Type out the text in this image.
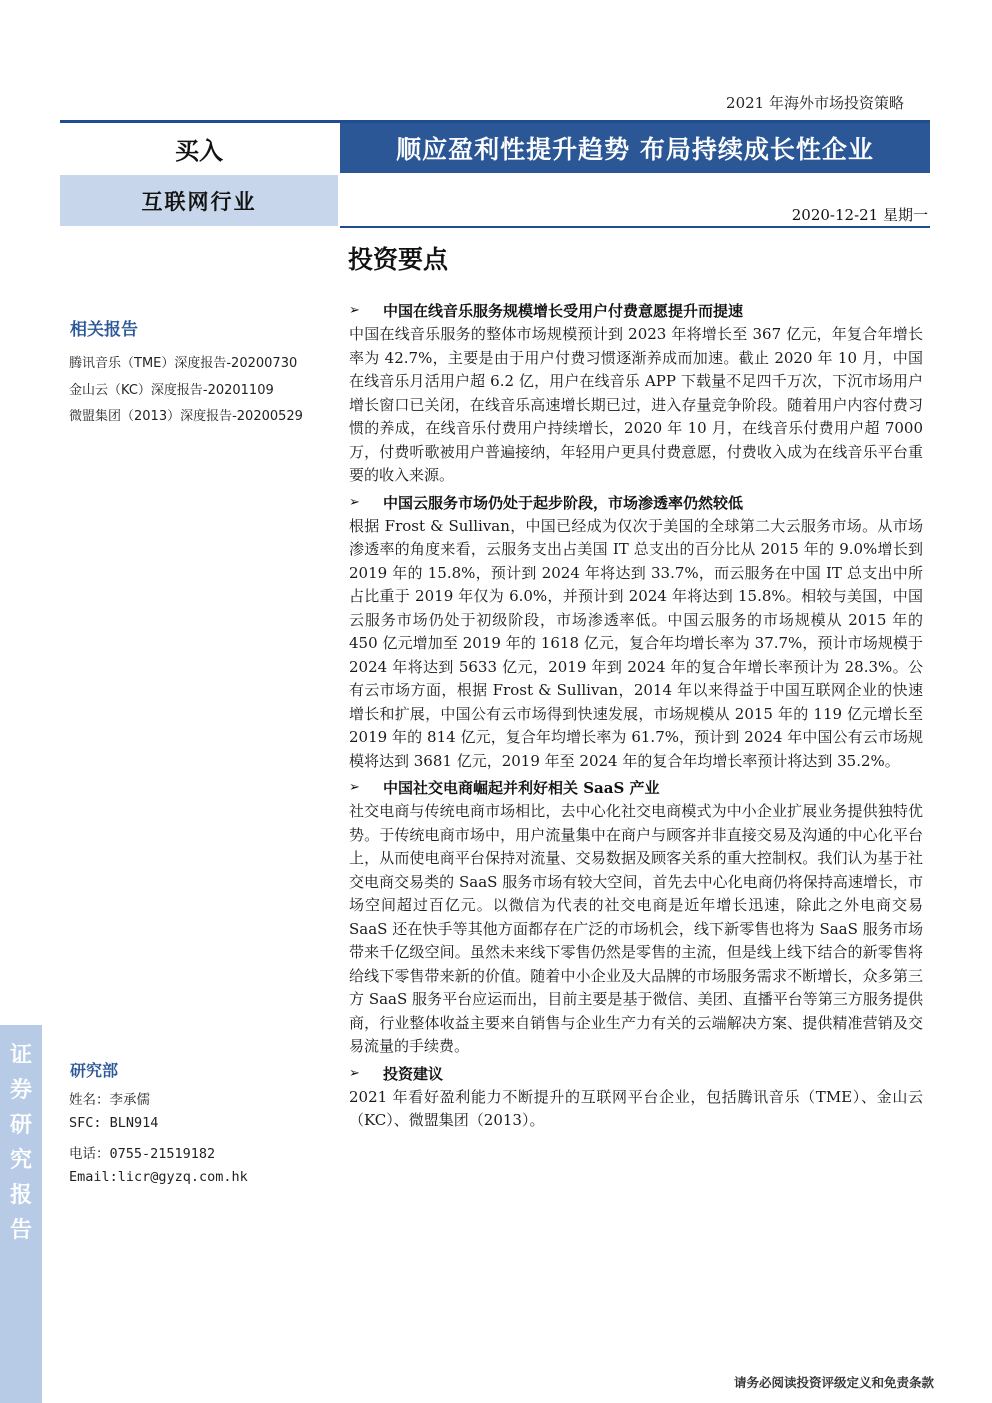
2021 年海外市场投资策略
买入	顺应盈利性提升趋势 布局持续成长性企业
互联网行业
2020-12-21 星期一
投资要点
相关报告
腾讯音乐（TME）深度报告-20200730
金山云（KC）深度报告-20201109
微盟集团（2013）深度报告-20200529
研究部
姓名：李承儒
SFC: BLN914
电话：0755-21519182
Email:licr@gyzq.com.hk
证
券
研
究
报
告
➢	中国在线音乐服务规模增长受用户付费意愿提升而提速

中国在线音乐服务的整体市场规模预计到 2023 年将增长至 367 亿元，年复合年增长率为 42.7%，主要是由于用户付费习惯逐渐养成而加速。截止 2020 年 10 月，中国在线音乐月活用户超 6.2 亿，用户在线音乐 APP 下载量不足四千万次，下沉市场用户增长窗口已关闭，在线音乐高速增长期已过，进入存量竞争阶段。随着用户内容付费习惯的养成，在线音乐付费用户持续增长，2020 年 10 月，在线音乐付费用户超 7000 万，付费听歌被用户普遍接纳，年轻用户更具付费意愿，付费收入成为在线音乐平台重要的收入来源。

➢	中国云服务市场仍处于起步阶段，市场渗透率仍然较低

根据 Frost & Sullivan，中国已经成为仅次于美国的全球第二大云服务市场。从市场渗透率的角度来看，云服务支出占美国 IT 总支出的百分比从 2015 年的 9.0%增长到 2019 年的 15.8%，预计到 2024 年将达到 33.7%，而云服务在中国 IT 总支出中所占比重于 2019 年仅为 6.0%，并预计到 2024 年将达到 15.8%。相较与美国，中国云服务市场仍处于初级阶段，市场渗透率低。中国云服务的市场规模从 2015 年的 450 亿元增加至 2019 年的 1618 亿元，复合年均增长率为 37.7%，预计市场规模于 2024 年将达到 5633 亿元，2019 年到 2024 年的复合年增长率预计为 28.3%。公有云市场方面，根据 Frost & Sullivan，2014 年以来得益于中国互联网企业的快速增长和扩展，中国公有云市场得到快速发展，市场规模从 2015 年的 119 亿元增长至 2019 年的 814 亿元，复合年均增长率为 61.7%，预计到 2024 年中国公有云市场规模将达到 3681 亿元，2019 年至 2024 年的复合年均增长率预计将达到 35.2%。

➢	中国社交电商崛起并利好相关 SaaS 产业

社交电商与传统电商市场相比，去中心化社交电商模式为中小企业扩展业务提供独特优势。于传统电商市场中，用户流量集中在商户与顾客并非直接交易及沟通的中心化平台上，从而使电商平台保持对流量、交易数据及顾客关系的重大控制权。我们认为基于社交电商交易类的 SaaS 服务市场有较大空间，首先去中心化电商仍将保持高速增长，市场空间超过百亿元。以微信为代表的社交电商是近年增长迅速，除此之外电商交易 SaaS 还在快手等其他方面都存在广泛的市场机会，线下新零售也将为 SaaS 服务市场带来千亿级空间。虽然未来线下零售仍然是零售的主流，但是线上线下结合的新零售将给线下零售带来新的价值。随着中小企业及大品牌的市场服务需求不断增长，众多第三方 SaaS 服务平台应运而出，目前主要是基于微信、美团、直播平台等第三方服务提供商，行业整体收益主要来自销售与企业生产力有关的云端解决方案、提供精准营销及交易流量的手续费。

➢	投资建议

2021 年看好盈利能力不断提升的互联网平台企业，包括腾讯音乐（TME）、金山云（KC）、微盟集团（2013）。

请务必阅读投资评级定义和免责条款
